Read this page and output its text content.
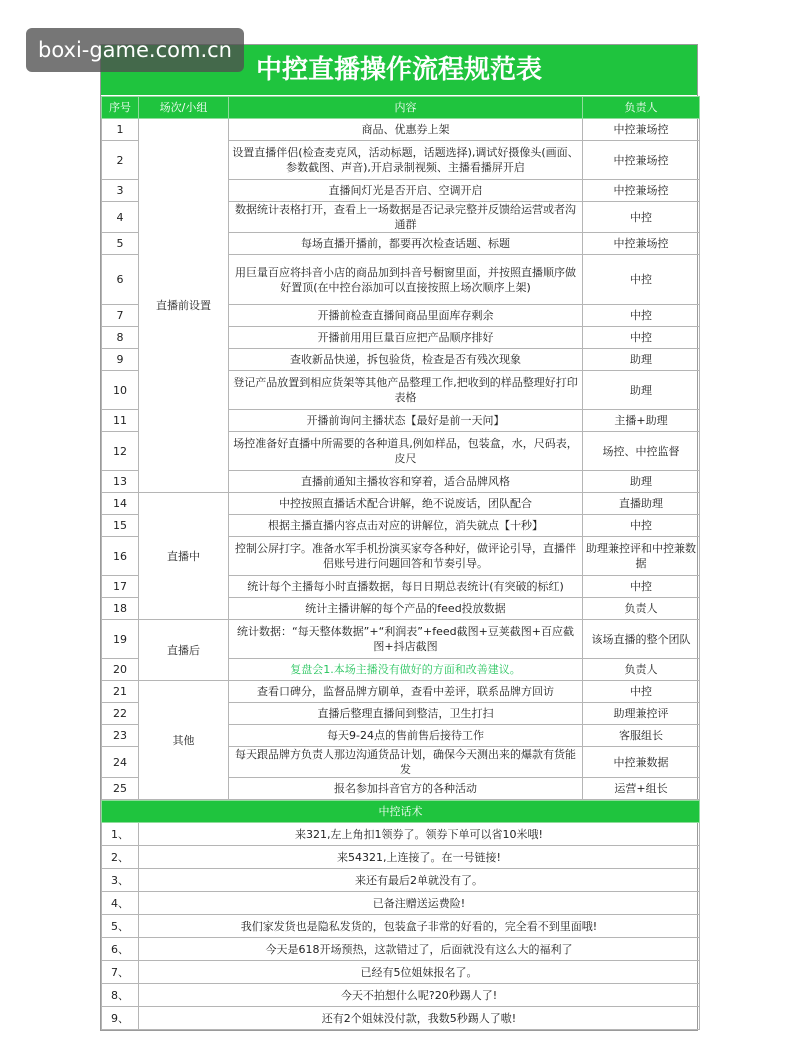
boxi-game.com.cn
中控直播操作流程规范表
序号	场次/小组	内容	负责人
1	直播前设置	商品、优惠券上架	中控兼场控
2		设置直播伴侣(检查麦克风，活动标题，话题选择),调试好摄像头(画面、参数截图、声音),开启录制视频、主播看播屏开启	中控兼场控
3		直播间灯光是否开启、空调开启	中控兼场控
4		数据统计表格打开，查看上一场数据是否记录完整并反馈给运营或者沟通群	中控
5		每场直播开播前，都要再次检查话题、标题	中控兼场控
6		用巨量百应将抖音小店的商品加到抖音号橱窗里面，并按照直播顺序做好置顶(在中控台添加可以直接按照上场次顺序上架)	中控
7		开播前检查直播间商品里面库存剩余	中控
8		开播前用用巨量百应把产品顺序排好	中控
9		查收新品快递，拆包验货，检查是否有残次现象	助理
10		登记产品放置到相应货架等其他产品整理工作,把收到的样品整理好打印表格	助理
11		开播前询问主播状态【最好是前一天问】	主播+助理
12		场控准备好直播中所需要的各种道具,例如样品，包装盒，水，尺码表，皮尺	场控、中控监督
13		直播前通知主播妆容和穿着，适合品牌风格	助理
14	直播中	中控按照直播话术配合讲解，绝不说废话，团队配合	直播助理
15		根据主播直播内容点击对应的讲解位，消失就点【十秒】	中控
16		控制公屏打字。准备水军手机扮演买家夸各种好，做评论引导，直播伴侣账号进行问题回答和节奏引导。	助理兼控评和中控兼数据
17		统计每个主播每小时直播数据，每日日期总表统计(有突破的标红)	中控
18		统计主播讲解的每个产品的feed投放数据	负责人
19	直播后	统计数据：“每天整体数据”+“利润表”+feed截图+豆荚截图+百应截图+抖店截图	该场直播的整个团队
20		复盘会1.本场主播没有做好的方面和改善建议。	负责人
21	其他	查看口碑分，监督品牌方刷单，查看中差评，联系品牌方回访	中控
22		直播后整理直播间到整洁，卫生打扫	助理兼控评
23		每天9-24点的售前售后接待工作	客服组长
24		每天跟品牌方负责人那边沟通货品计划，确保今天测出来的爆款有货能发	中控兼数据
25		报名参加抖音官方的各种活动	运营+组长
中控话术	
1、	来321,左上角扣1领券了。领券下单可以省10米哦!
2、	来54321,上连接了。在一号链接!
3、	来还有最后2单就没有了。
4、	已备注赠送运费险!
5、	我们家发货也是隐私发货的，包装盒子非常的好看的，完全看不到里面哦!
6、	今天是618开场预热，这款错过了，后面就没有这么大的福利了
7、	已经有5位姐妹报名了。
8、	今天不拍想什么呢?20秒踢人了!
9、	还有2个姐妹没付款，我数5秒踢人了嗷!
